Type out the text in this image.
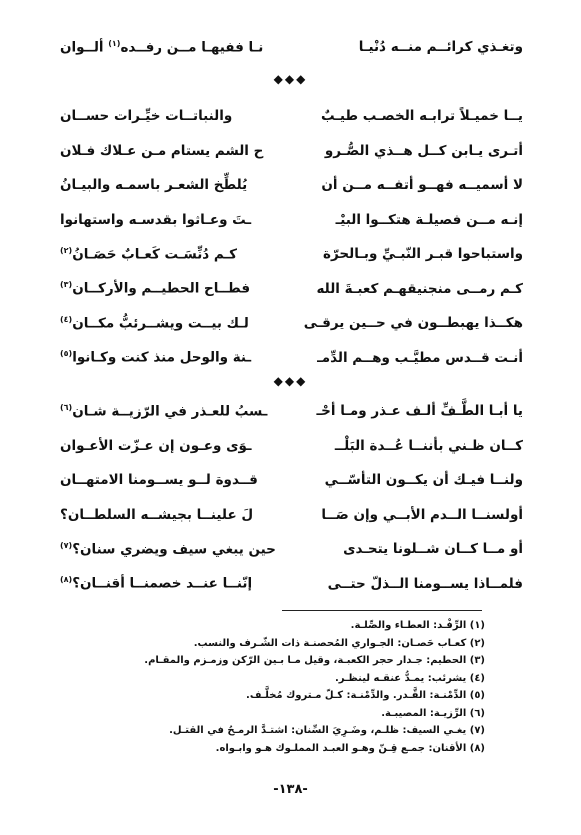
وتغـذي كرائــم منــه دُنْيـا
نـا ففيهـا مــن رفــده$^{(١)}$ ألــوان
◆◆◆
يــا خميـلاً ترابـه الخصـب طيـبٌ
والنباتــات خيِّـرات حســان
أتـرى يـابن كــل هــذي الصُّـرو
ح الشم يستام مـن عـلاك فـلان
لا أسميــه فهــو أتفــه مــن أن
يُلطِّخ الشعـر باسمـه والبيـانُ
إنـه مــن فصيلـة هتكــوا البيْـ
ـتَ وعـاثوا بقدسـه واستهانوا
واستباحوا قبـر النّبـيِّ وبـالحرّة
كـم دُنِّسَـت كَعـابٌ حَصَـانُ$^{(٢)}$
كـم رمــى منجنيقهـم كعبـةَ الله
فطــاح الحطيــم والأركــان$^{(٣)}$
هكــذا يهبطــون في حــين يرقـى
لـك بيــت ويشــرئبُّ مكــان$^{(٤)}$
أنـت قــدس مطيَّـب وهــم الدِّمـ
ـنة والوحل منذ كنت وكـانوا$^{(٥)}$
◆◆◆
يا أبـا الطَّـفِّ ألـف عـذر ومـا أحْـ
ـسبُ للعـذر في الرّزيــة شـان$^{(٦)}$
كــان ظـني بأننــا عُــدة البَلْــ
ـوَى وعـون إن عـزّت الأعـوان
ولنــا فيـك أن يكــون التأسّــي
قــدوة لــو يســومنا الامتهــان
أولسنــا الــدم الأبــي وإن صَــا
لَ علينــا بجيشــه السلطــان؟
أو مــا كــان شــلونا يتحـدى
حين يبغي سيف ويضري سنان؟$^{(٧)}$
فلمــاذا يســومنا الــذلّ حتــى
إنّنــا عنــد خصمنــا أقنــان؟$^{(٨)}$
(١) الرِّفْـد: العطـاء والصِّلـة.
(٢) كعـاب حَصـان: الجـواري المُحصنـة ذات الشّـرف والنسب.
(٣) الحطيم: جـدار حجر الكعبـة، وقيل مـا بـين الرّكن وزمـزم والمقـام.
(٤) يشرئب: يمـدُّ عنقـه لينظـر.
(٥) الدِّمْنـة: القَّـدر. والدِّمْنـة: كـلّ مـتروك مُخلَّـف.
(٦) الرِّزيـة: المصيبـة.
(٧) يغـي السيف: ظلـم، وضَـرِيَ السِّنان: اشتـدَّ الرمـحُ في القتـل.
(٨) الأقنان: جمـع قِـنّ وهـو العبـد المملـوك هـو وابـواه.
-١٣٨-
